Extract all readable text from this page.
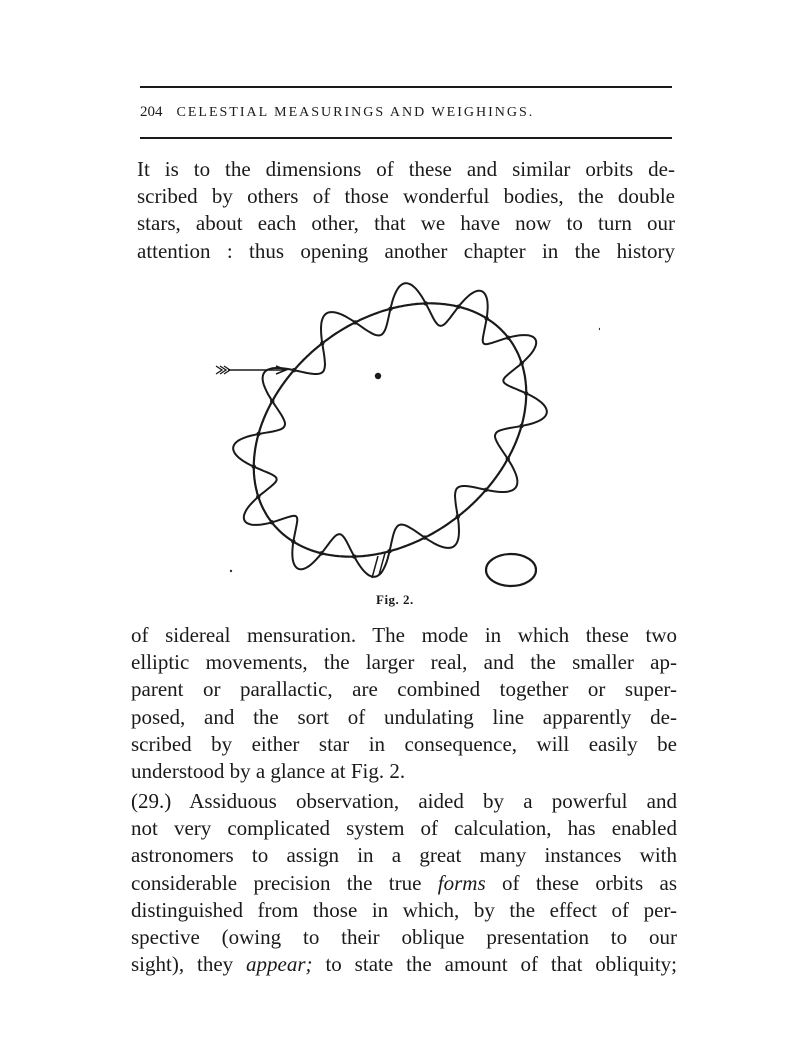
204 CELESTIAL MEASURINGS AND WEIGHINGS.
It is to the dimensions of these and similar orbits de-
scribed by others of those wonderful bodies, the double
stars, about each other, that we have now to turn our
attention : thus opening another chapter in the history
Fig. 2.
of sidereal mensuration. The mode in which these two
elliptic movements, the larger real, and the smaller ap-
parent or parallactic, are combined together or super-
posed, and the sort of undulating line apparently de-
scribed by either star in consequence, will easily be
understood by a glance at Fig. 2.
(29.) Assiduous observation, aided by a powerful and
not very complicated system of calculation, has enabled
astronomers to assign in a great many instances with
considerable precision the true forms of these orbits as
distinguished from those in which, by the effect of per-
spective (owing to their oblique presentation to our
sight), they appear; to state the amount of that obliquity;
